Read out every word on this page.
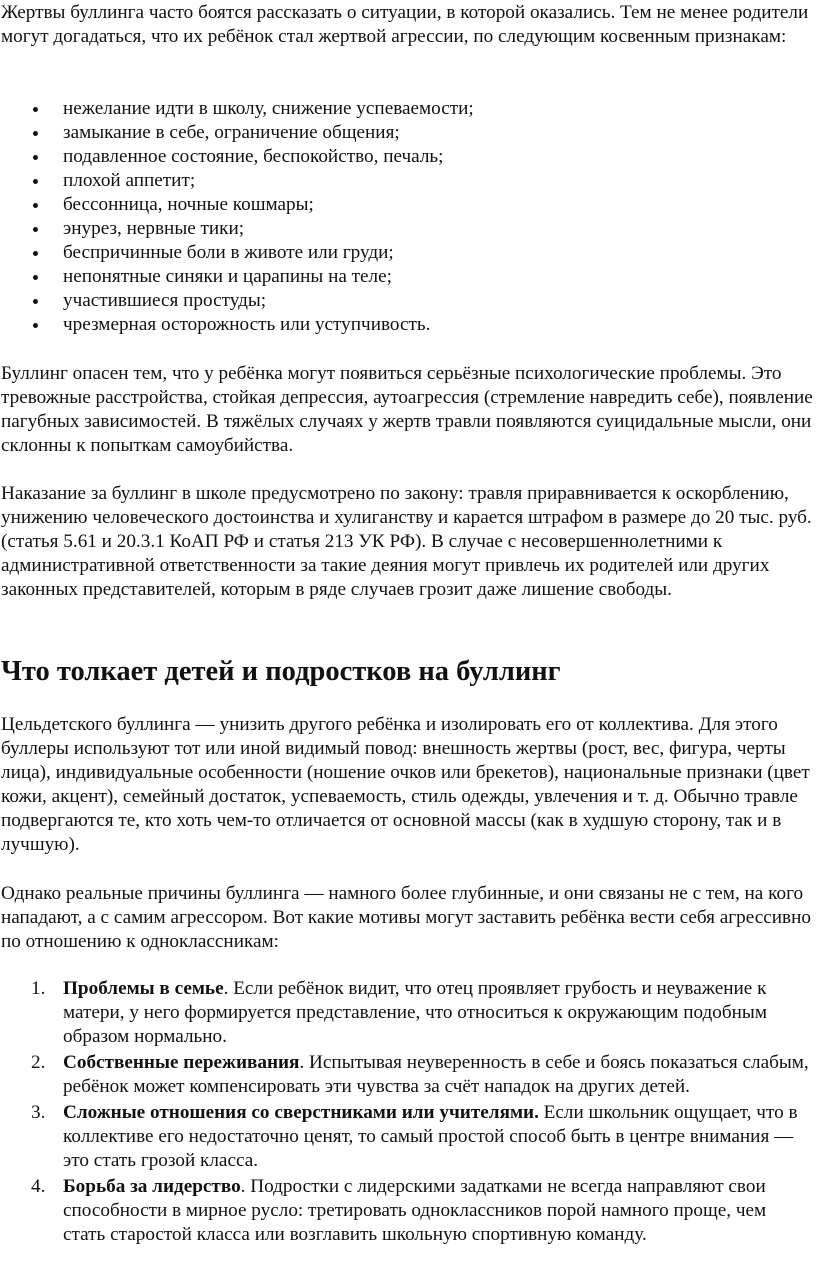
Жертвы буллинга часто боятся рассказать о ситуации, в которой оказались. Тем не менее родители могут догадаться, что их ребёнок стал жертвой агрессии, по следующим косвенным признакам:

нежелание идти в школу, снижение успеваемости;
замыкание в себе, ограничение общения;
подавленное состояние, беспокойство, печаль;
плохой аппетит;
бессонница, ночные кошмары;
энурез, нервные тики;
беспричинные боли в животе или груди;
непонятные синяки и царапины на теле;
участившиеся простуды;
чрезмерная осторожность или уступчивость.

Буллинг опасен тем, что у ребёнка могут появиться серьёзные психологические проблемы. Это тревожные расстройства, стойкая депрессия, аутоагрессия (стремление навредить себе), появление пагубных зависимостей. В тяжёлых случаях у жертв травли появляются суицидальные мысли, они склонны к попыткам самоубийства.

Наказание за буллинг в школе предусмотрено по закону: травля приравнивается к оскорблению, унижению человеческого достоинства и хулиганству и карается штрафом в размере до 20 тыс. руб. (статья 5.61 и 20.3.1 КоАП РФ и статья 213 УК РФ). В случае с несовершеннолетними к административной ответственности за такие деяния могут привлечь их родителей или других законных представителей, которым в ряде случаев грозит даже лишение свободы.

Что толкает детей и подростков на буллинг

Цельдетского буллинга — унизить другого ребёнка и изолировать его от коллектива. Для этого буллеры используют тот или иной видимый повод: внешность жертвы (рост, вес, фигура, черты лица), индивидуальные особенности (ношение очков или брекетов), национальные признаки (цвет кожи, акцент), семейный достаток, успеваемость, стиль одежды, увлечения и т. д. Обычно травле подвергаются те, кто хоть чем-то отличается от основной массы (как в худшую сторону, так и в лучшую).

Однако реальные причины буллинга — намного более глубинные, и они связаны не с тем, на кого нападают, а с самим агрессором. Вот какие мотивы могут заставить ребёнка вести себя агрессивно по отношению к одноклассникам:

1. Проблемы в семье. Если ребёнок видит, что отец проявляет грубость и неуважение к матери, у него формируется представление, что относиться к окружающим подобным образом нормально.
2. Собственные переживания. Испытывая неуверенность в себе и боясь показаться слабым, ребёнок может компенсировать эти чувства за счёт нападок на других детей.
3. Сложные отношения со сверстниками или учителями. Если школьник ощущает, что в коллективе его недостаточно ценят, то самый простой способ быть в центре внимания — это стать грозой класса.
4. Борьба за лидерство. Подростки с лидерскими задатками не всегда направляют свои способности в мирное русло: третировать одноклассников порой намного проще, чем стать старостой класса или возглавить школьную спортивную команду.
